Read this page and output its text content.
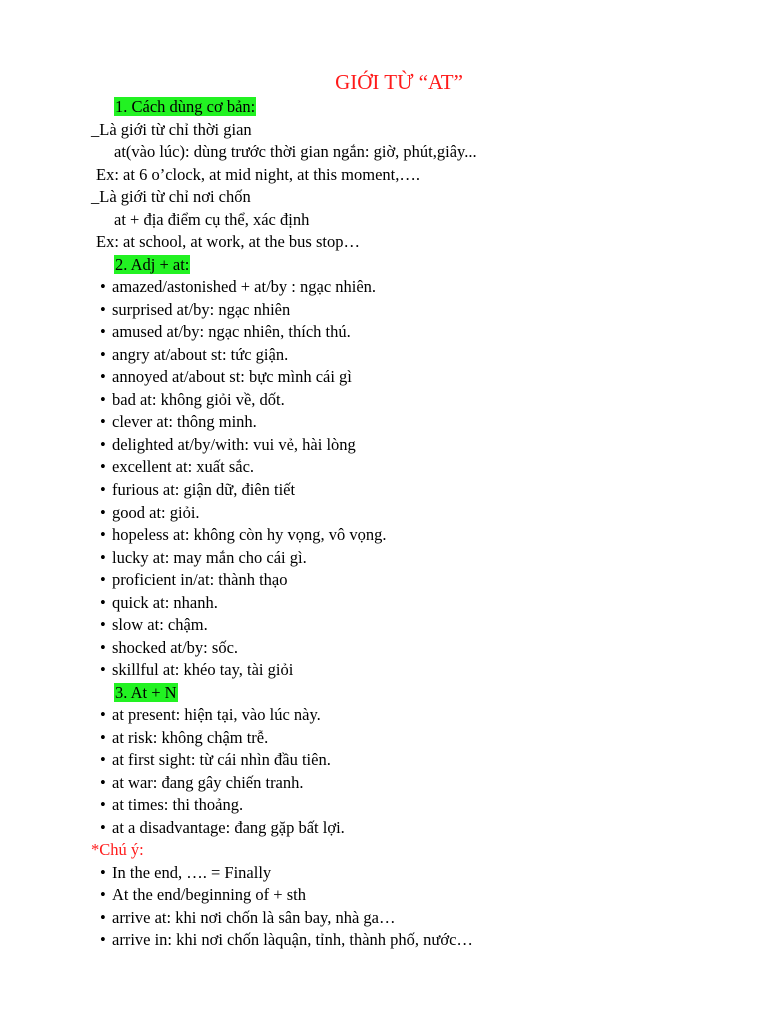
GIỚI TỪ “AT”
1. Cách dùng cơ bản:
_Là giới từ chỉ thời gian
at(vào lúc): dùng trước thời gian ngắn: giờ, phút,giây...
Ex: at 6 o’clock, at mid night, at this moment,….
_Là giới từ chỉ nơi chốn
at + địa điểm cụ thể, xác định
Ex: at school, at work, at the bus stop…
2. Adj + at:
• amazed/astonished + at/by : ngạc nhiên.
• surprised at/by: ngạc nhiên
• amused at/by: ngạc nhiên, thích thú.
• angry at/about st: tức giận.
• annoyed at/about st: bực mình cái gì
• bad at: không giỏi về, dốt.
• clever at: thông minh.
• delighted at/by/with: vui vẻ, hài lòng
• excellent at: xuất sắc.
• furious at: giận dữ, điên tiết
• good at: giỏi.
• hopeless at: không còn hy vọng, vô vọng.
• lucky at: may mắn cho cái gì.
• proficient in/at: thành thạo
• quick at: nhanh.
• slow at: chậm.
• shocked at/by: sốc.
• skillful at: khéo tay, tài giỏi
3. At + N
• at present: hiện tại, vào lúc này.
• at risk: không chậm trễ.
• at first sight: từ cái nhìn đầu tiên.
• at war: đang gây chiến tranh.
• at times: thi thoảng.
• at a disadvantage: đang gặp bất lợi.
*Chú ý:
• In the end, …. = Finally
• At the end/beginning of + sth
• arrive at: khi nơi chốn là sân bay, nhà ga…
• arrive in: khi nơi chốn làquận, tỉnh, thành phố, nước…
